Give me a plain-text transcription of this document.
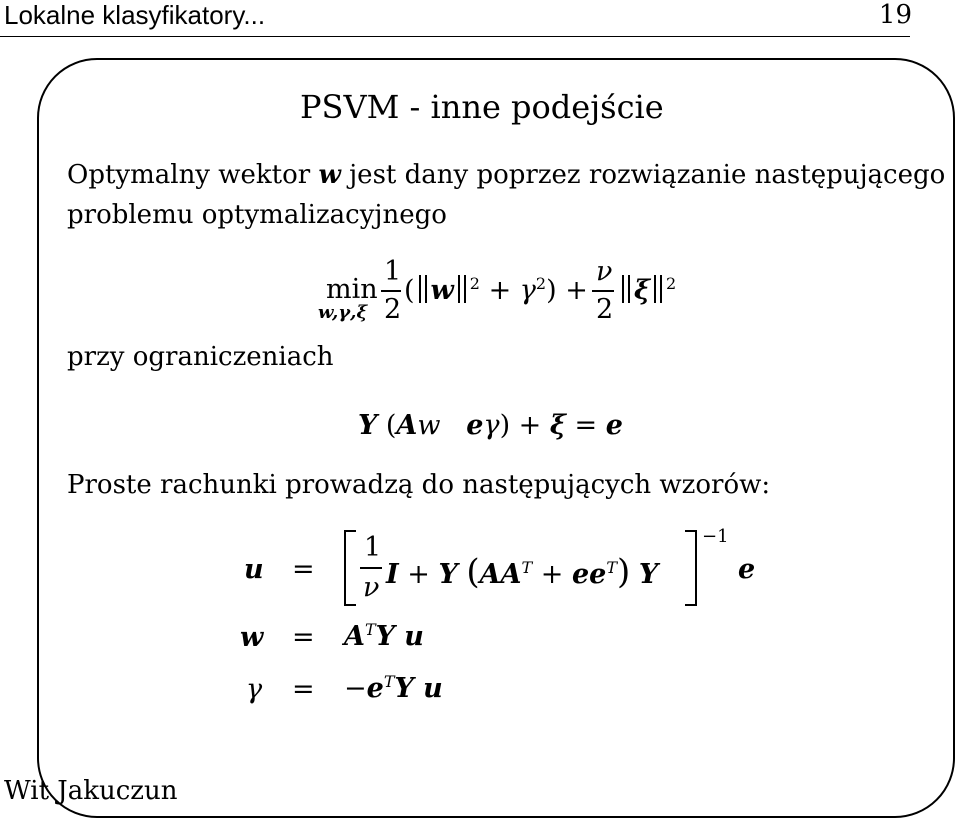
Lokalne klasyfikatory...	19
PSVM - inne podejście
Optymalny wektor w jest dany poprzez rozwiązanie następującego
problemu optymalizacyjnego
min
w,γ,ξ
1
2
( w $^2 + \gamma^2$) +
ν
2
ξ $^2$
przy ograniczeniach
Y (Aw eγ) + ξ = e
Proste rachunki prowadzą do następujących wzorów:
u =
1
ν I + Y $(AA^T + ee^T)$ Y
−1
e
$w = A^TY$ u
$\gamma = -e^TY$ u
Wit Jakuczun
